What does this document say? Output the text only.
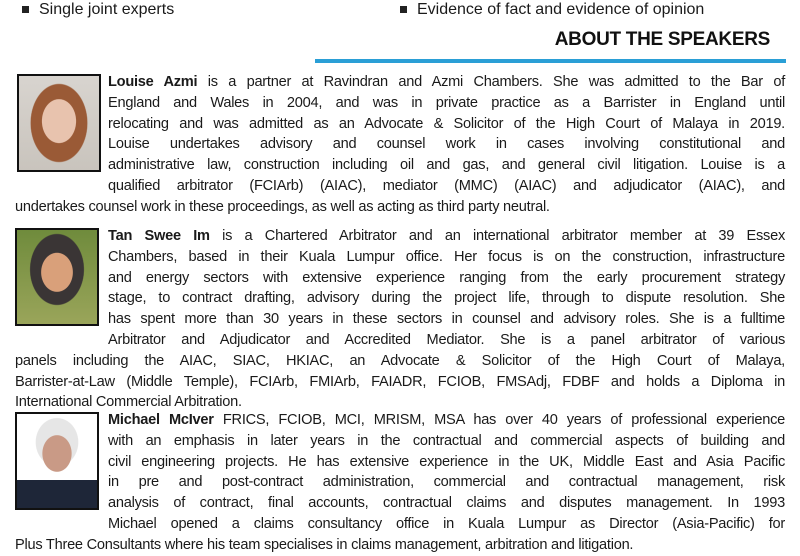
Single joint experts	Evidence of fact and evidence of opinion
ABOUT THE SPEAKERS
Louise Azmi is a partner at Ravindran and Azmi Chambers. She was admitted to the Bar of
England and Wales in 2004, and was in private practice as a Barrister in England until
relocating and was admitted as an Advocate & Solicitor of the High Court of Malaya in 2019.
Louise undertakes advisory and counsel work in cases involving constitutional and
administrative law, construction including oil and gas, and general civil litigation. Louise is a
qualified arbitrator (FCIArb) (AIAC), mediator (MMC) (AIAC) and adjudicator (AIAC), and
undertakes counsel work in these proceedings, as well as acting as third party neutral.
Tan Swee Im is a Chartered Arbitrator and an international arbitrator member at 39 Essex
Chambers, based in their Kuala Lumpur office. Her focus is on the construction, infrastructure
and energy sectors with extensive experience ranging from the early procurement strategy
stage, to contract drafting, advisory during the project life, through to dispute resolution. She
has spent more than 30 years in these sectors in counsel and advisory roles. She is a fulltime
Arbitrator and Adjudicator and Accredited Mediator. She is a panel arbitrator of various
panels including the AIAC, SIAC, HKIAC, an Advocate & Solicitor of the High Court of Malaya,
Barrister-at-Law (Middle Temple), FCIArb, FMIArb, FAIADR, FCIOB, FMSAdj, FDBF and holds a Diploma in
International Commercial Arbitration.
Michael McIver FRICS, FCIOB, MCI, MRISM, MSA has over 40 years of professional experience
with an emphasis in later years in the contractual and commercial aspects of building and
civil engineering projects. He has extensive experience in the UK, Middle East and Asia Pacific
in pre and post-contract administration, commercial and contractual management, risk
analysis of contract, final accounts, contractual claims and disputes management. In 1993
Michael opened a claims consultancy office in Kuala Lumpur as Director (Asia-Pacific) for
Plus Three Consultants where his team specialises in claims management, arbitration and litigation.
